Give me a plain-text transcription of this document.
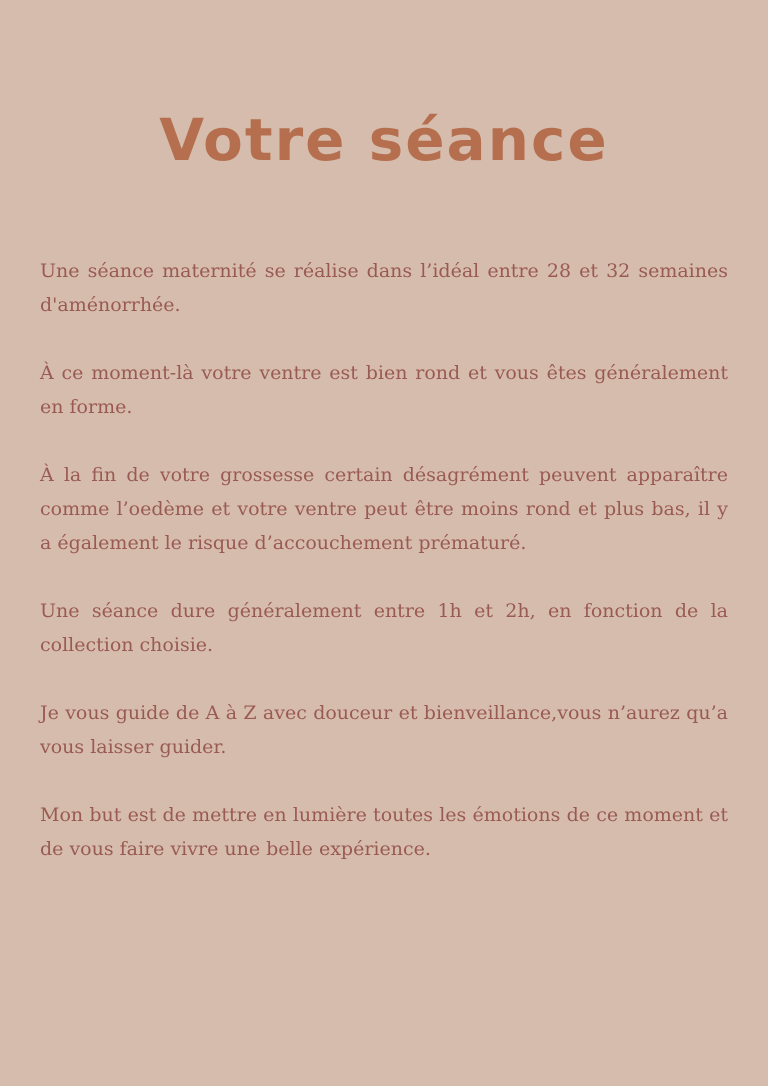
Votre séance

Une séance maternité se réalise dans l’idéal entre 28 et 32 semaines d'aménorrhée.

À ce moment-là votre ventre est bien rond et vous êtes généralement en forme.

À la fin de votre grossesse certain désagrément peuvent apparaître comme l’oedème et votre ventre peut être moins rond et plus bas, il y a également le risque d’accouchement prématuré.

Une séance dure généralement entre 1h et 2h, en fonction de la collection choisie.

Je vous guide de A à Z avec douceur et bienveillance,vous n’aurez qu’a vous laisser guider.

Mon but est de mettre en lumière toutes les émotions de ce moment et de vous faire vivre une belle expérience.
